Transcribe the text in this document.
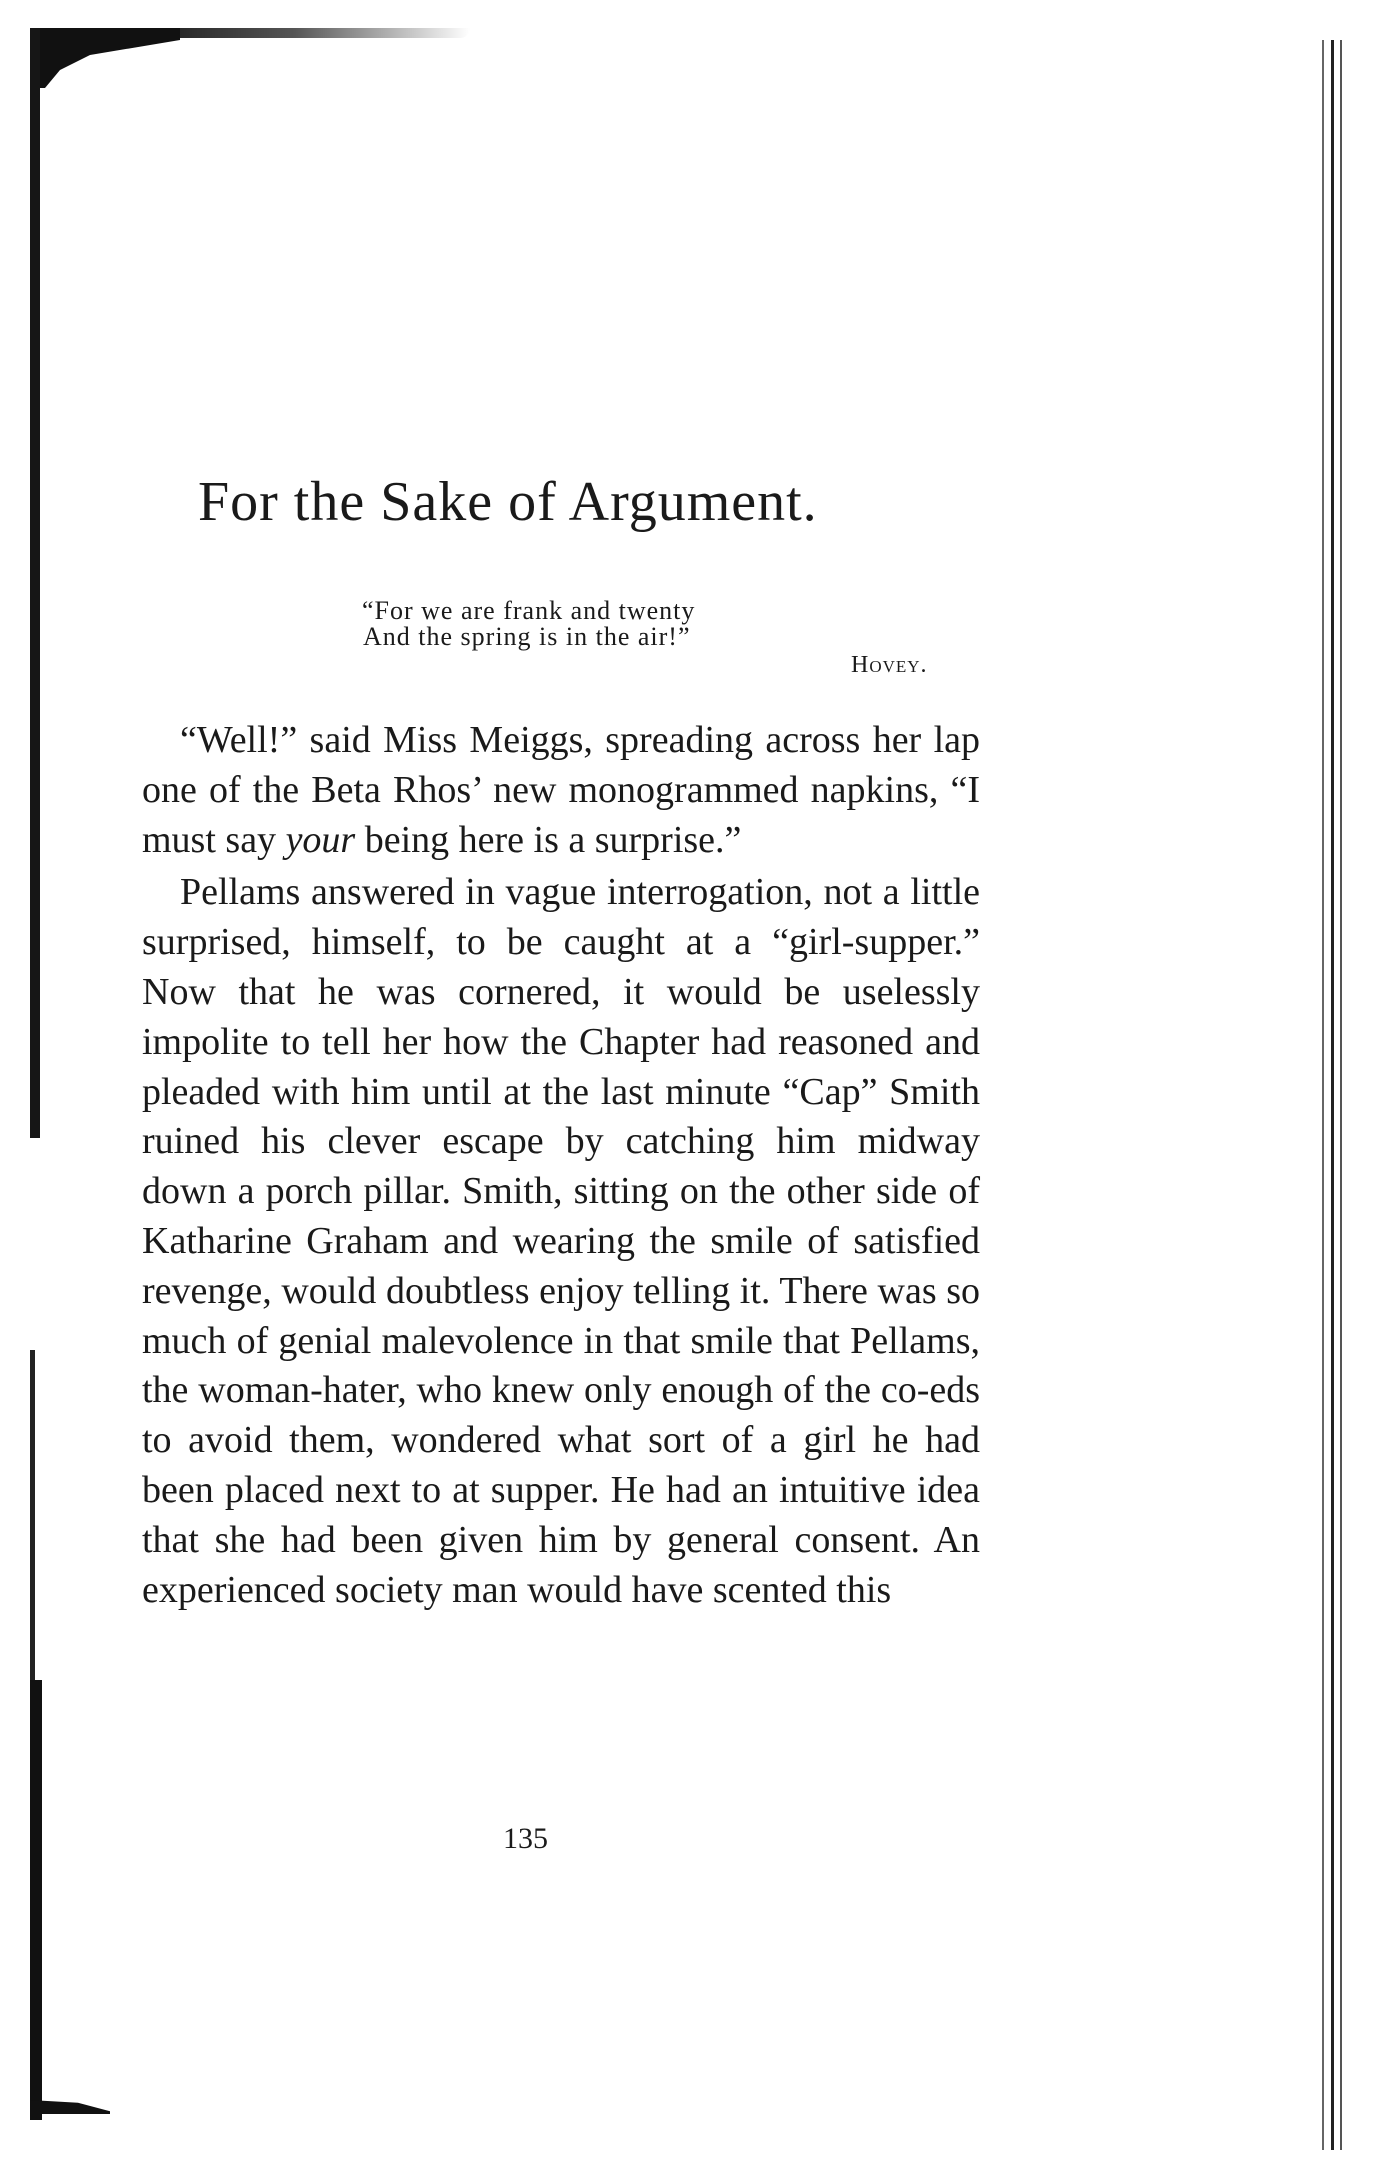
For the Sake of Argument.
“For we are frank and twenty
And the spring is in the air!”
Hovey.

“Well!” said Miss Meiggs, spreading across her lap one of the Beta Rhos’ new monogrammed napkins, “I must say your being here is a surprise.”

Pellams answered in vague interrogation, not a little surprised, himself, to be caught at a “girl-supper.” Now that he was cornered, it would be uselessly impolite to tell her how the Chapter had reasoned and pleaded with him until at the last minute “Cap” Smith ruined his clever escape by catching him midway down a porch pillar. Smith, sitting on the other side of Katharine Graham and wearing the smile of satisfied revenge, would doubtless enjoy telling it. There was so much of genial malevolence in that smile that Pellams, the woman-hater, who knew only enough of the co-eds to avoid them, wondered what sort of a girl he had been placed next to at supper. He had an intuitive idea that she had been given him by general consent. An experienced society man would have scented this

135
